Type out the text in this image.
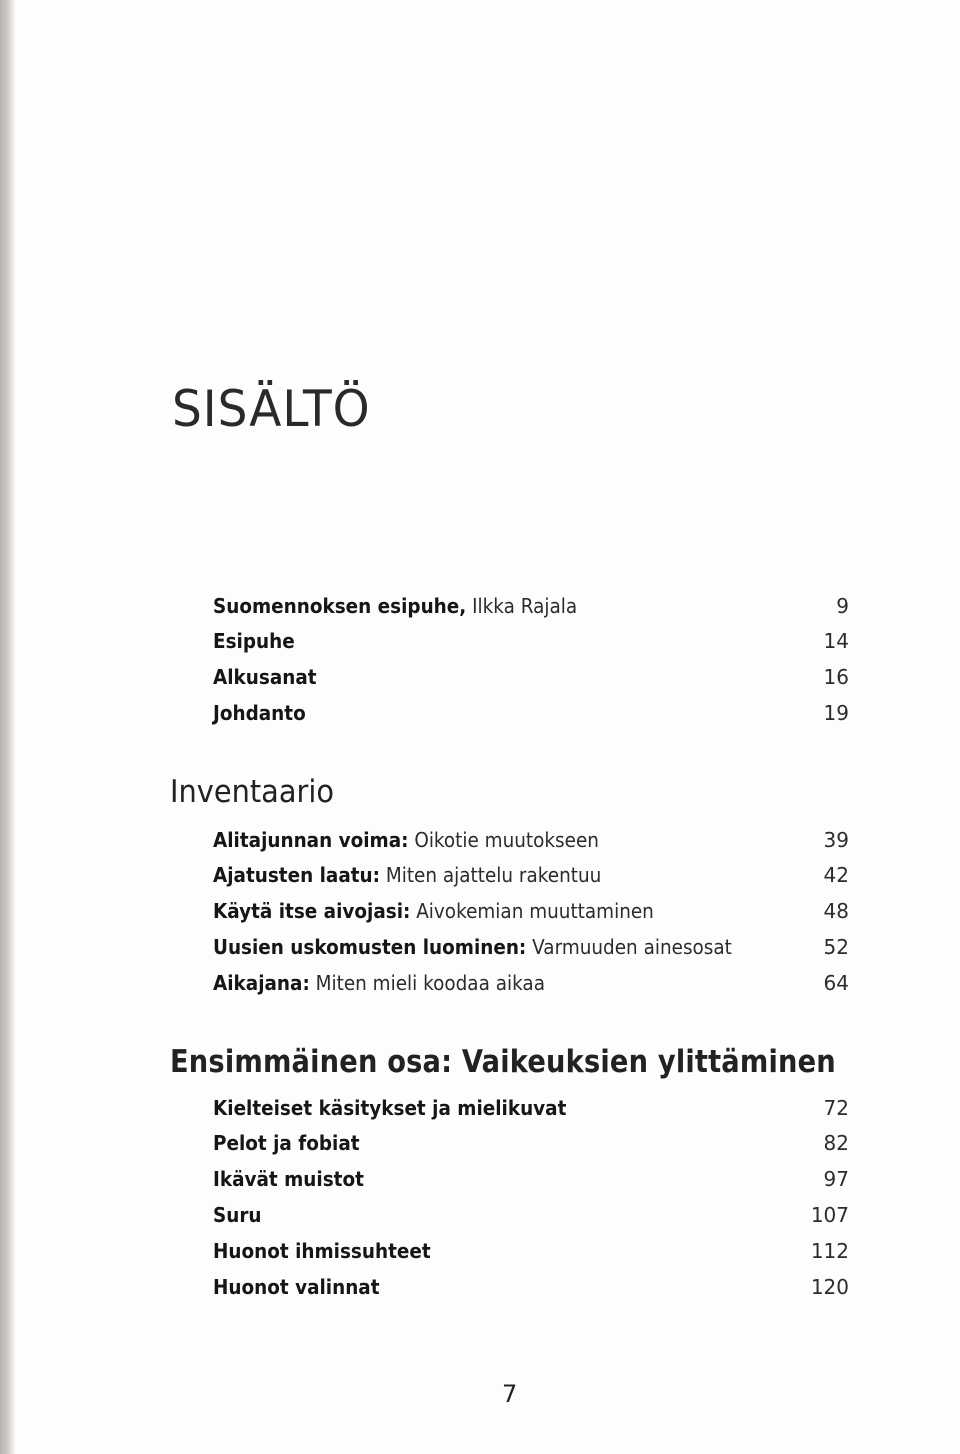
SISÄLTÖ
Suomennoksen esipuhe, Ilkka Rajala	9
Esipuhe	14
Alkusanat	16
Johdanto	19
Inventaario
Alitajunnan voima: Oikotie muutokseen	39
Ajatusten laatu: Miten ajattelu rakentuu	42
Käytä itse aivojasi: Aivokemian muuttaminen	48
Uusien uskomusten luominen: Varmuuden ainesosat	52
Aikajana: Miten mieli koodaa aikaa	64
Ensimmäinen osa: Vaikeuksien ylittäminen
Kielteiset käsitykset ja mielikuvat	72
Pelot ja fobiat	82
Ikävät muistot	97
Suru	107
Huonot ihmissuhteet	112
Huonot valinnat	120
7
